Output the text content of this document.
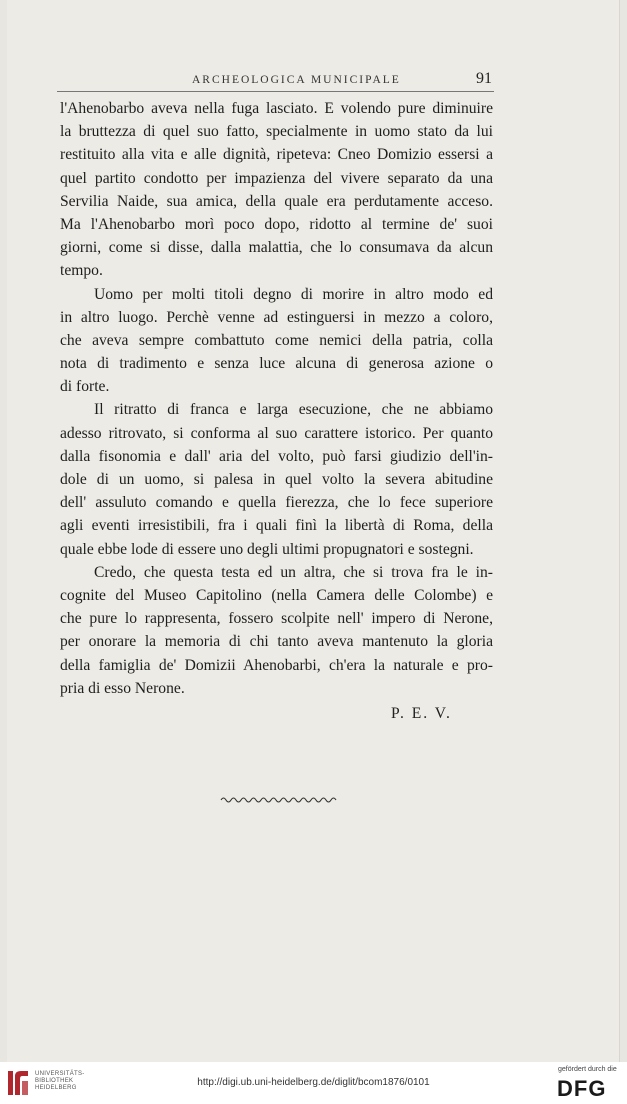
ARCHEOLOGICA MUNICIPALE	91

l'Ahenobarbo aveva nella fuga lasciato. E volendo pure diminuire
la bruttezza di quel suo fatto, specialmente in uomo stato da lui
restituito alla vita e alle dignità, ripeteva: Cneo Domizio essersi a
quel partito condotto per impazienza del vivere separato da una
Servilia Naide, sua amica, della quale era perdutamente acceso.
Ma l'Ahenobarbo morì poco dopo, ridotto al termine de' suoi
giorni, come si disse, dalla malattia, che lo consumava da alcun
tempo.

Uomo per molti titoli degno di morire in altro modo ed
in altro luogo. Perchè venne ad estinguersi in mezzo a coloro,
che aveva sempre combattuto come nemici della patria, colla
nota di tradimento e senza luce alcuna di generosa azione o
di forte.

Il ritratto di franca e larga esecuzione, che ne abbiamo
adesso ritrovato, si conforma al suo carattere istorico. Per quanto
dalla fisonomia e dall' aria del volto, può farsi giudizio dell'in-
dole di un uomo, si palesa in quel volto la severa abitudine
dell' assuluto comando e quella fierezza, che lo fece superiore
agli eventi irresistibili, fra i quali finì la libertà di Roma, della
quale ebbe lode di essere uno degli ultimi propugnatori e sostegni.

Credo, che questa testa ed un altra, che si trova fra le in-
cognite del Museo Capitolino (nella Camera delle Colombe) e
che pure lo rappresenta, fossero scolpite nell' impero di Nerone,
per onorare la memoria di chi tanto aveva mantenuto la gloria
della famiglia de' Domizii Ahenobarbi, ch'era la naturale e pro-
pria di esso Nerone.

P. E. V.
UNIVERSITÄTS-
BIBLIOTHEK
HEIDELBERG	http://digi.ub.uni-heidelberg.de/diglit/bcom1876/0101
gefördert durch die
DFG
